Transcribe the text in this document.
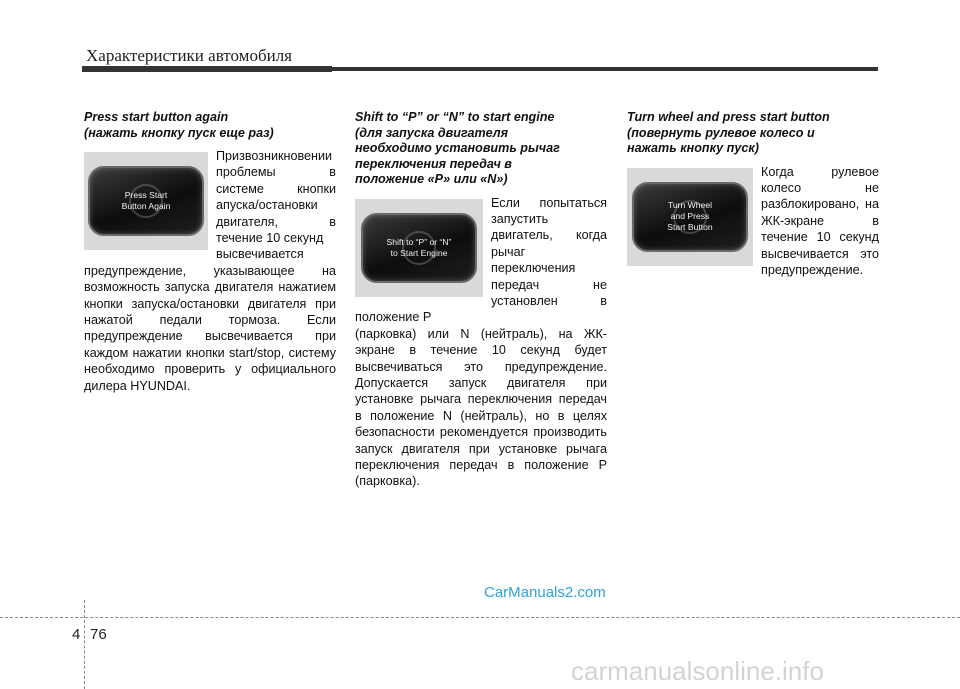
Характеристики автомобиля
Press start button again
(нажать кнопку пуск еще раз)
Press Start
Button Again
Призвозникновении проблемы в системе кнопки апуска/остановки двигателя, в течение 10 секунд
высвечивается предупреждение, указывающее на возможность запуска двигателя нажатием кнопки запуска/остановки двигателя при нажатой педали тормоза. Если предупреждение высвечивается при каждом нажатии кнопки start/stop, систему необходимо проверить у официального дилера HYUNDAI.
Shift to “P” or “N” to start engine
(для запуска двигателя
необходимо установить рычаг
переключения передач в
положение «P» или «N»)
Shift to “P” or “N”
to Start Engine
Если попытаться запустить двигатель, когда рычаг переключения передач не установлен в положение P
(парковка) или N (нейтраль), на ЖК-экране в течение 10 секунд будет высвечиваться это предупреждение. Допускается запуск двигателя при установке рычага переключения передач в положение N (нейтраль), но в целях безопасности рекомендуется производить запуск двигателя при установке рычага переключения передач в положение P (парковка).
Turn wheel and press start button
(повернуть рулевое колесо и
нажать кнопку пуск)
Turn Wheel
and Press
Start Button
Когда рулевое колесо не разблокировано, на ЖК-экране в течение 10 секунд высвечивается это предупреждение.
4 76
CarManuals2.com
carmanualsonline.info
